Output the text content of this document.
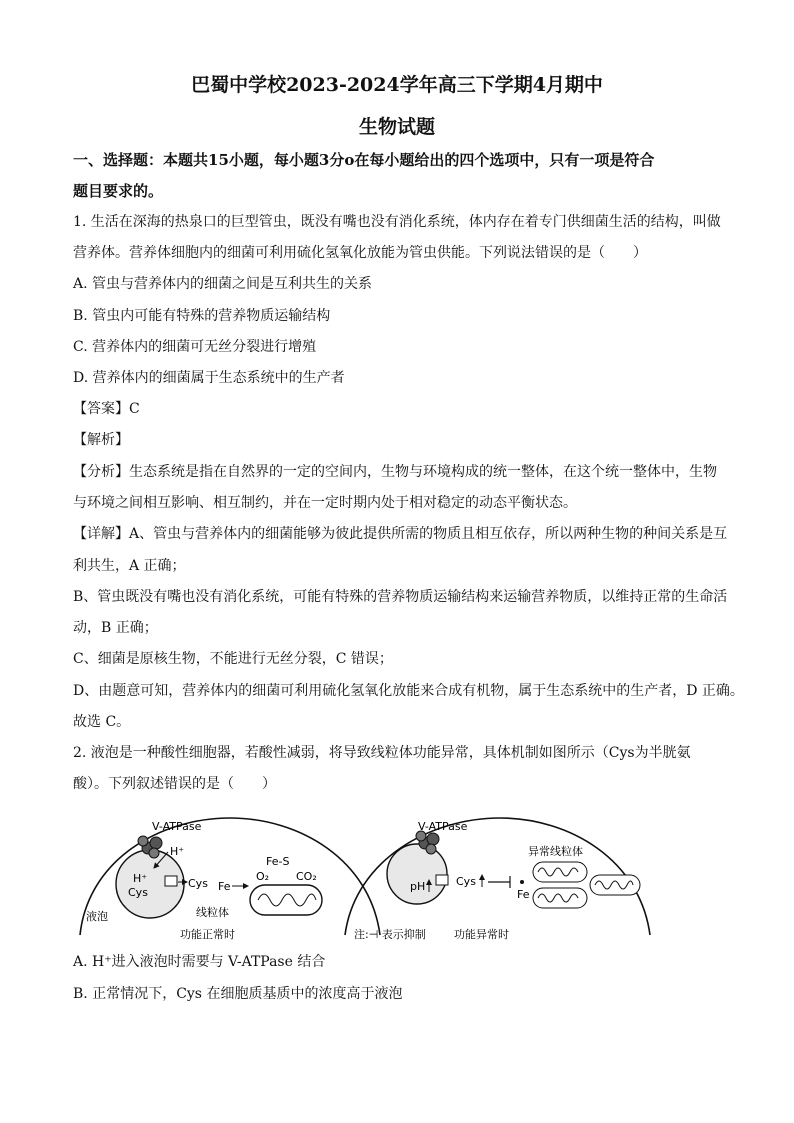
巴蜀中学校2023-2024学年高三下学期4月期中
生物试题
一、选择题：本题共15小题，每小题3分o在每小题给出的四个选项中，只有一项是符合
题目要求的。
1. 生活在深海的热泉口的巨型管虫，既没有嘴也没有消化系统，体内存在着专门供细菌生活的结构，叫做
营养体。营养体细胞内的细菌可利用硫化氢氧化放能为管虫供能。下列说法错误的是（　　）
A. 管虫与营养体内的细菌之间是互利共生的关系
B. 管虫内可能有特殊的营养物质运输结构
C. 营养体内的细菌可无丝分裂进行增殖
D. 营养体内的细菌属于生态系统中的生产者
【答案】C
【解析】
【分析】生态系统是指在自然界的一定的空间内，生物与环境构成的统一整体，在这个统一整体中，生物
与环境之间相互影响、相互制约，并在一定时期内处于相对稳定的动态平衡状态。
【详解】A、管虫与营养体内的细菌能够为彼此提供所需的物质且相互依存，所以两种生物的种间关系是互
利共生，A 正确；
B、管虫既没有嘴也没有消化系统，可能有特殊的营养物质运输结构来运输营养物质，以维持正常的生命活
动，B 正确；
C、细菌是原核生物，不能进行无丝分裂，C 错误；
D、由题意可知，营养体内的细菌可利用硫化氢氧化放能来合成有机物，属于生态系统中的生产者，D 正确。
故选 C。
2. 液泡是一种酸性细胞器，若酸性减弱，将导致线粒体功能异常，具体机制如图所示（Cys为半胱氨
酸）。下列叙述错误的是（　　）
V-ATPase
H⁺
H⁺
Cys
Cys
Fe-S
O₂ CO₂
Fe
液泡	线粒体
功能正常时
V-ATPase
pH	Cys
Fe
异常线粒体
注:⊣ 表示抑制	功能异常时
A. H⁺进入液泡时需要与 V-ATPase 结合
B. 正常情况下，Cys 在细胞质基质中的浓度高于液泡
